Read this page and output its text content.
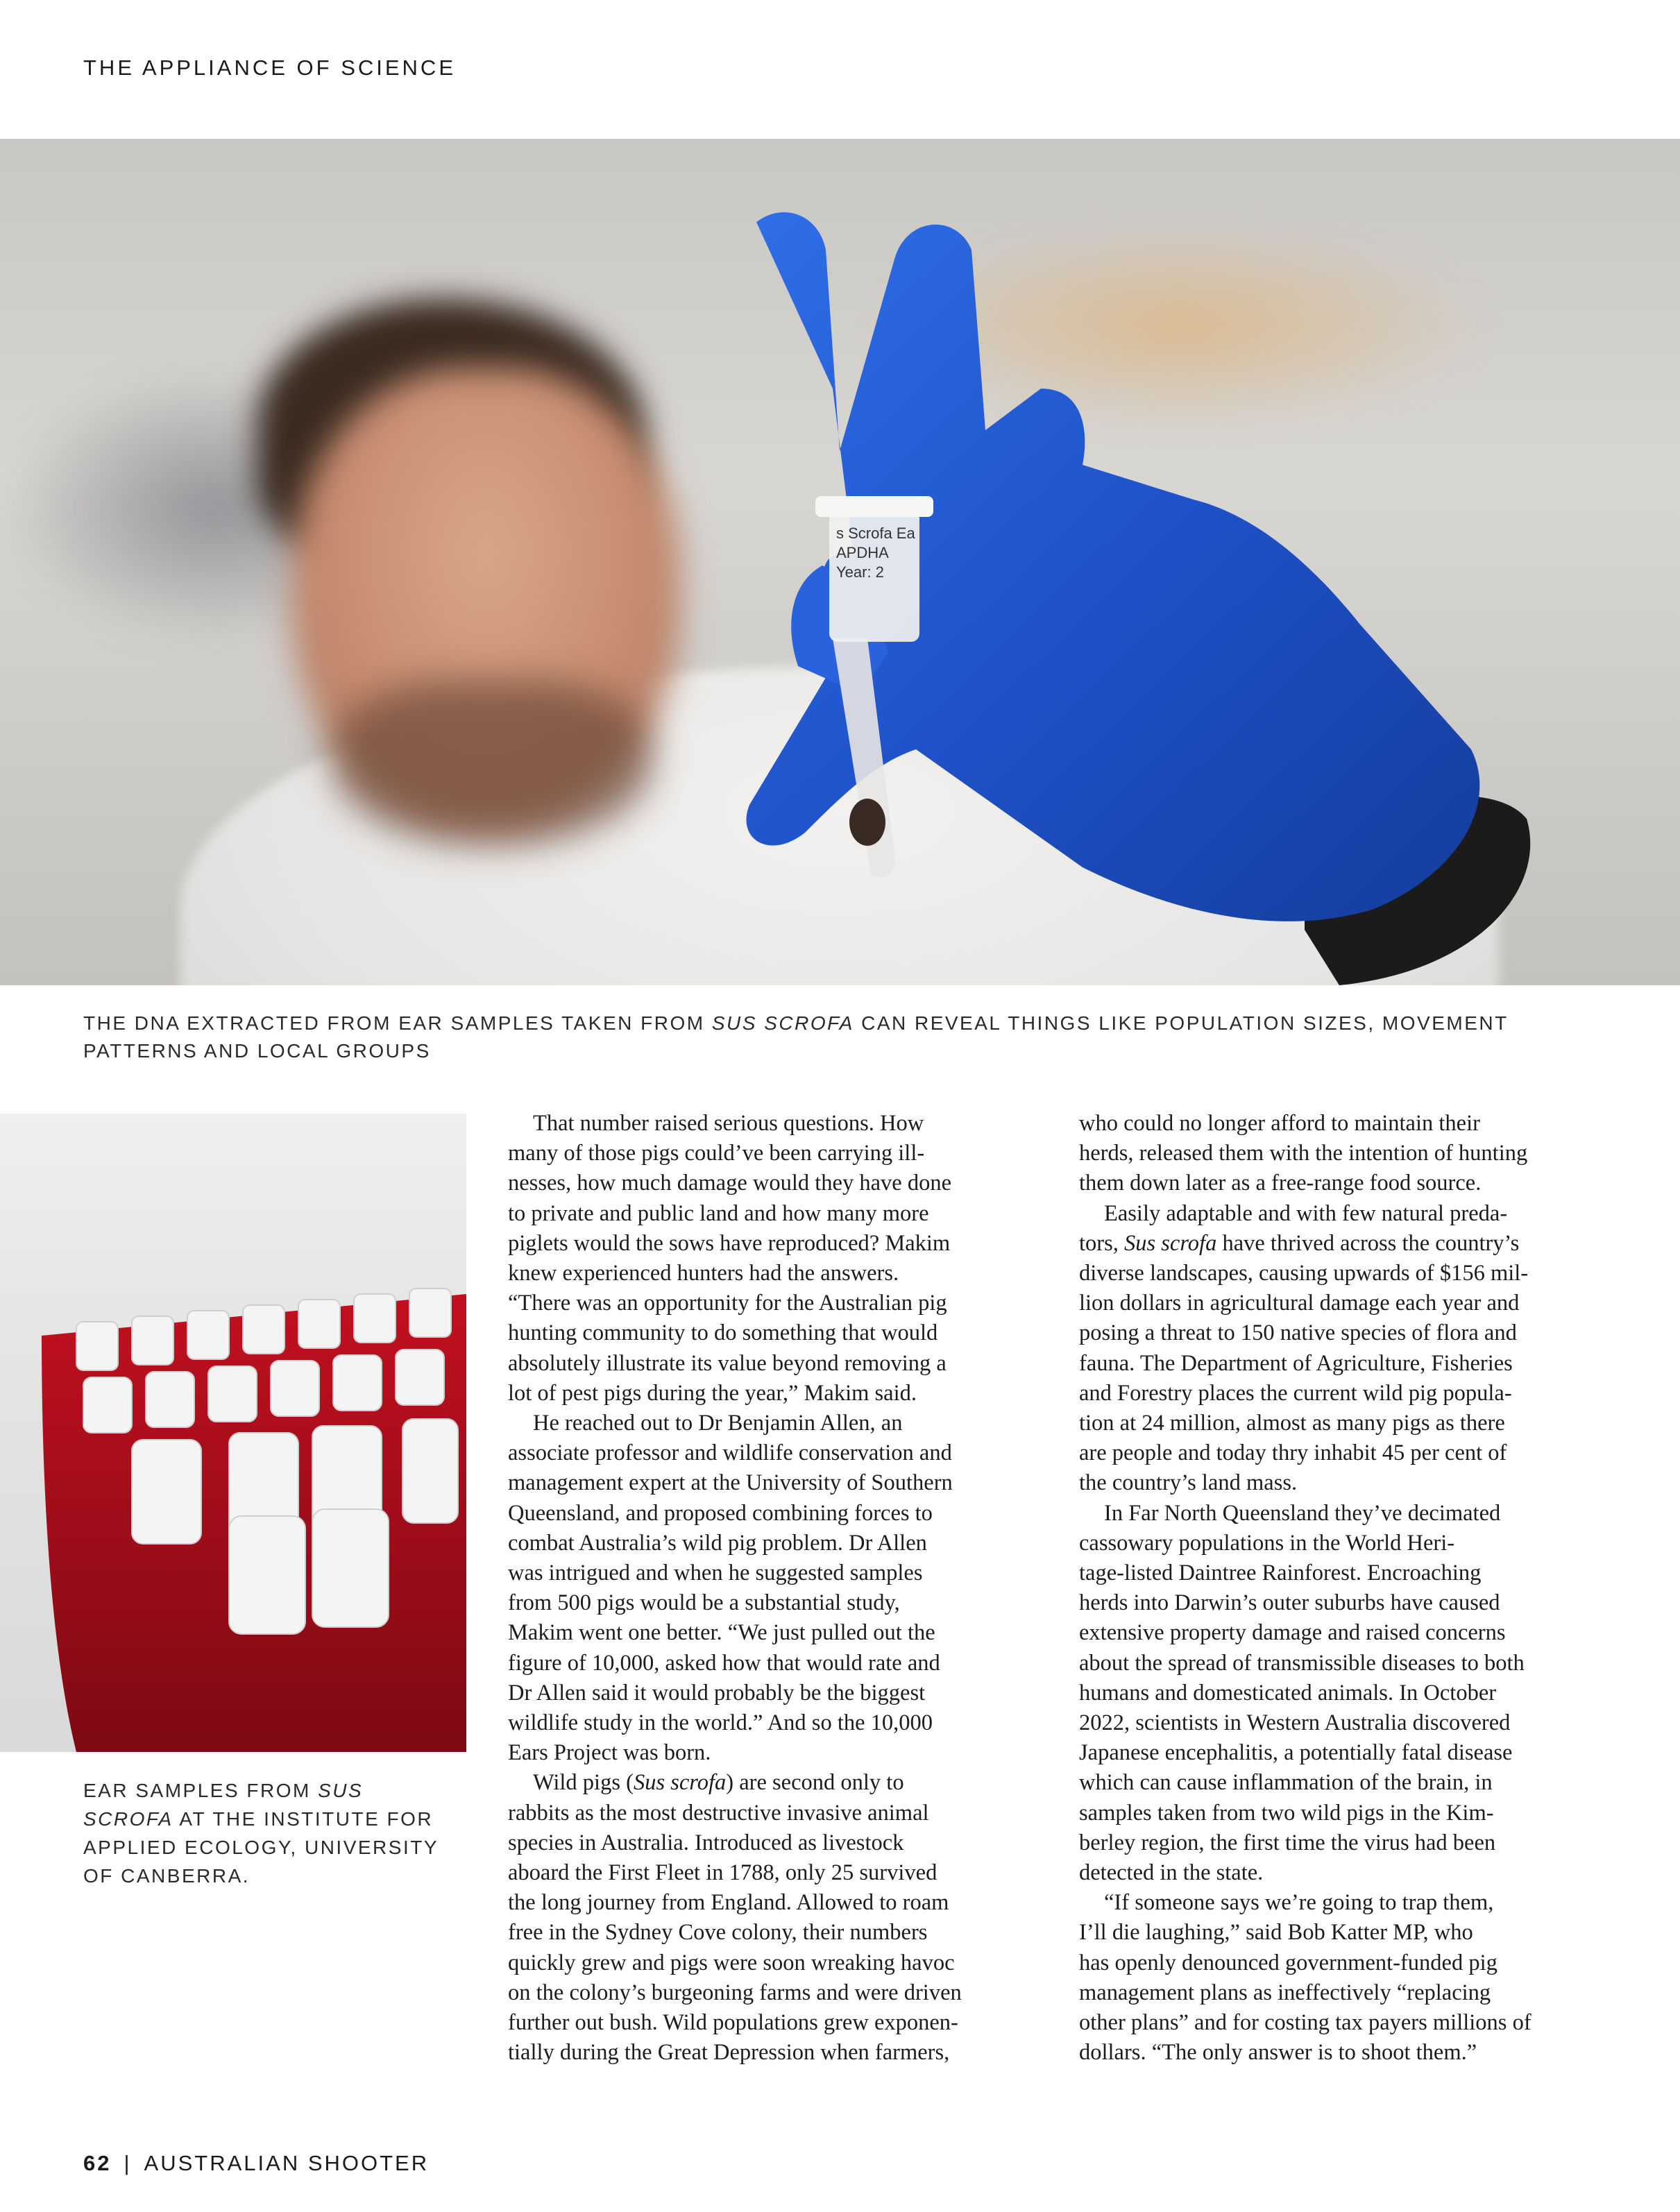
THE APPLIANCE OF SCIENCE
s Scrofa Ea
APDHA
Year: 2
THE DNA EXTRACTED FROM EAR SAMPLES TAKEN FROM SUS SCROFA CAN REVEAL THINGS LIKE POPULATION SIZES, MOVEMENT PATTERNS AND LOCAL GROUPS
EAR SAMPLES FROM SUS SCROFA AT THE INSTITUTE FOR APPLIED ECOLOGY, UNIVERSITY OF CANBERRA.
That number raised serious questions. How
many of those pigs could’ve been carrying ill-
nesses, how much damage would they have done
to private and public land and how many more
piglets would the sows have reproduced? Makim
knew experienced hunters had the answers.
“There was an opportunity for the Australian pig
hunting community to do something that would
absolutely illustrate its value beyond removing a
lot of pest pigs during the year,” Makim said.
He reached out to Dr Benjamin Allen, an
associate professor and wildlife conservation and
management expert at the University of Southern
Queensland, and proposed combining forces to
combat Australia’s wild pig problem. Dr Allen
was intrigued and when he suggested samples
from 500 pigs would be a substantial study,
Makim went one better. “We just pulled out the
figure of 10,000, asked how that would rate and
Dr Allen said it would probably be the biggest
wildlife study in the world.” And so the 10,000
Ears Project was born.
Wild pigs (Sus scrofa) are second only to
rabbits as the most destructive invasive animal
species in Australia. Introduced as livestock
aboard the First Fleet in 1788, only 25 survived
the long journey from England. Allowed to roam
free in the Sydney Cove colony, their numbers
quickly grew and pigs were soon wreaking havoc
on the colony’s burgeoning farms and were driven
further out bush. Wild populations grew exponen-
tially during the Great Depression when farmers,
who could no longer afford to maintain their
herds, released them with the intention of hunting
them down later as a free-range food source.
Easily adaptable and with few natural preda-
tors, Sus scrofa have thrived across the country’s
diverse landscapes, causing upwards of $156 mil-
lion dollars in agricultural damage each year and
posing a threat to 150 native species of flora and
fauna. The Department of Agriculture, Fisheries
and Forestry places the current wild pig popula-
tion at 24 million, almost as many pigs as there
are people and today thry inhabit 45 per cent of
the country’s land mass.
In Far North Queensland they’ve decimated
cassowary populations in the World Heri-
tage-listed Daintree Rainforest. Encroaching
herds into Darwin’s outer suburbs have caused
extensive property damage and raised concerns
about the spread of transmissible diseases to both
humans and domesticated animals. In October
2022, scientists in Western Australia discovered
Japanese encephalitis, a potentially fatal disease
which can cause inflammation of the brain, in
samples taken from two wild pigs in the Kim-
berley region, the first time the virus had been
detected in the state.
“If someone says we’re going to trap them,
I’ll die laughing,” said Bob Katter MP, who
has openly denounced government-funded pig
management plans as ineffectively “replacing
other plans” and for costing tax payers millions of
dollars. “The only answer is to shoot them.”
62 | AUSTRALIAN SHOOTER
